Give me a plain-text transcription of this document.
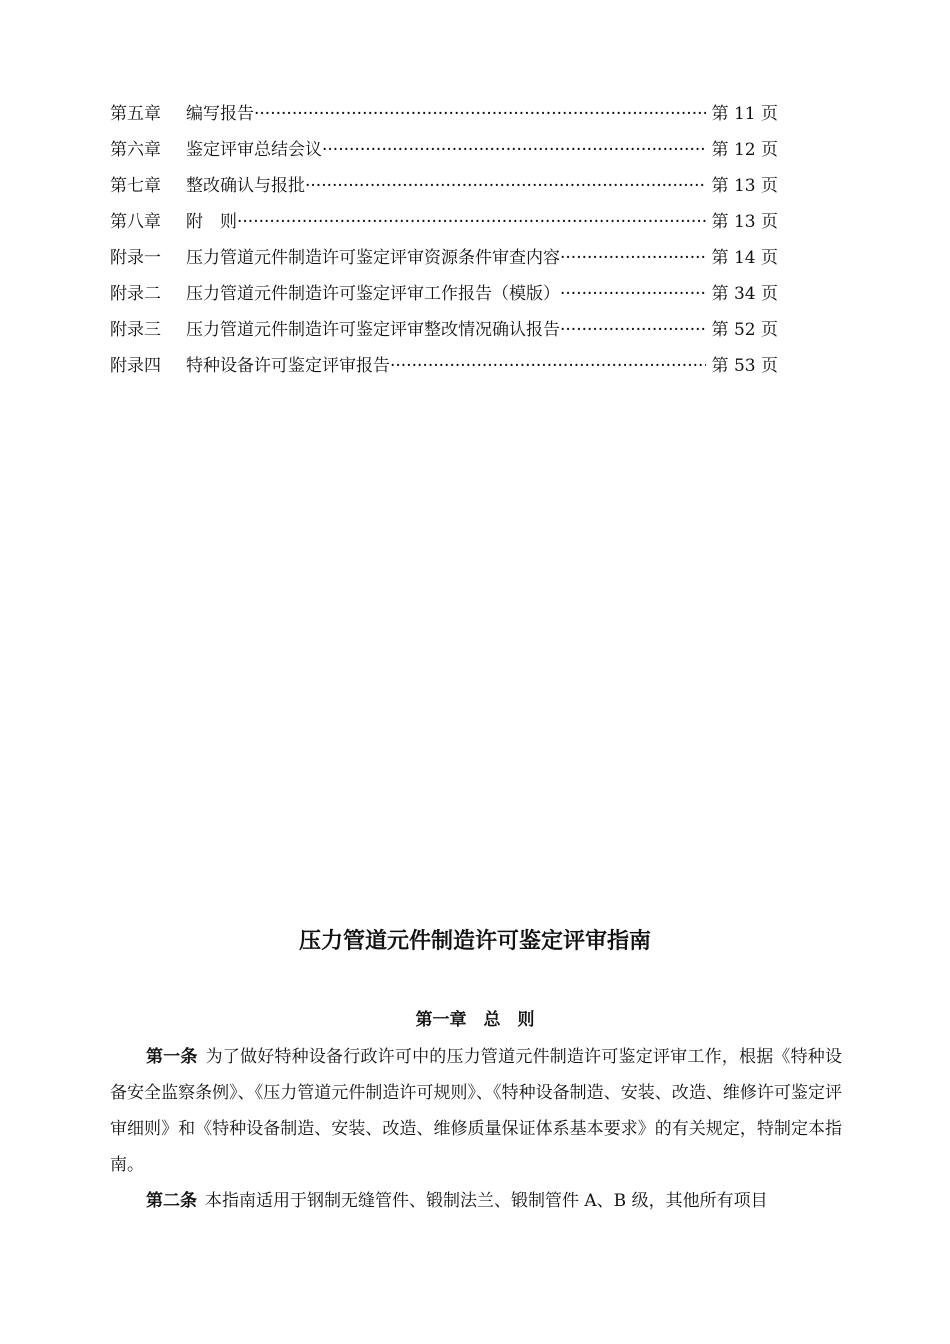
第五章	编写报告 ·····	第 11 页
第六章	鉴定评审总结会议 ·····	第 12 页
第七章	整改确认与报批 ·····	第 13 页
第八章	附　则 ·····	第 13 页
附录一	压力管道元件制造许可鉴定评审资源条件审查内容 ·····	第 14 页
附录二	压力管道元件制造许可鉴定评审工作报告（模版） ·····	第 34 页
附录三	压力管道元件制造许可鉴定评审整改情况确认报告 ·····	第 52 页
附录四	特种设备许可鉴定评审报告 ·····	第 53 页
压力管道元件制造许可鉴定评审指南
第一章　总　则

第一条 为了做好特种设备行政许可中的压力管道元件制造许可鉴定评审工作，根据《特种设备安全监察条例》、《压力管道元件制造许可规则》、《特种设备制造、安装、改造、维修许可鉴定评审细则》和《特种设备制造、安装、改造、维修质量保证体系基本要求》的有关规定，特制定本指南。

第二条 本指南适用于钢制无缝管件、锻制法兰、锻制管件 A、B 级，其他所有项目
